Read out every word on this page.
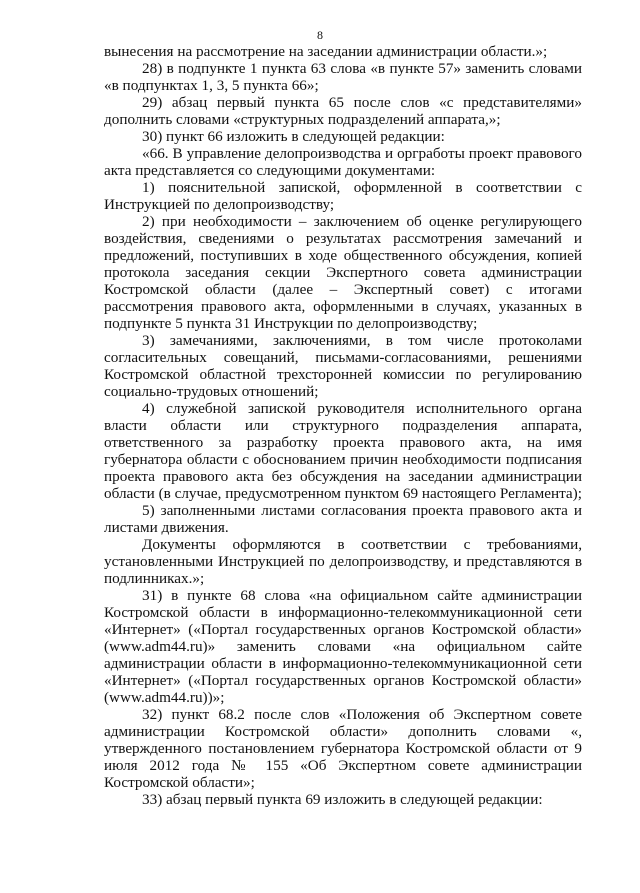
8

вынесения на рассмотрение на заседании администрации области.»;

28) в подпункте 1 пункта 63 слова «в пункте 57» заменить словами «в подпунктах 1, 3, 5 пункта 66»;

29) абзац первый пункта 65 после слов «с представителями» дополнить словами «структурных подразделений аппарата,»;

30) пункт 66 изложить в следующей редакции:

«66. В управление делопроизводства и оргработы проект правового акта представляется со следующими документами:

1) пояснительной запиской, оформленной в соответствии с Инструкцией по делопроизводству;

2) при необходимости – заключением об оценке регулирующего воздействия, сведениями о результатах рассмотрения замечаний и предложений, поступивших в ходе общественного обсуждения, копией протокола заседания секции Экспертного совета администрации Костромской области (далее – Экспертный совет) с итогами рассмотрения правового акта, оформленными в случаях, указанных в подпункте 5 пункта 31 Инструкции по делопроизводству;

3) замечаниями, заключениями, в том числе протоколами согласительных совещаний, письмами-согласованиями, решениями Костромской областной трехсторонней комиссии по регулированию социально-трудовых отношений;

4) служебной запиской руководителя исполнительного органа власти области или структурного подразделения аппарата, ответственного за разработку проекта правового акта, на имя губернатора области с обоснованием причин необходимости подписания проекта правового акта без обсуждения на заседании администрации области (в случае, предусмотренном пунктом 69 настоящего Регламента);

5) заполненными листами согласования проекта правового акта и листами движения.

Документы оформляются в соответствии с требованиями, установленными Инструкцией по делопроизводству, и представляются в подлинниках.»;

31) в пункте 68 слова «на официальном сайте администрации Костромской области в информационно-телекоммуникационной сети «Интернет» («Портал государственных органов Костромской области» (www.adm44.ru)» заменить словами «на официальном сайте администрации области в информационно-телекоммуникационной сети «Интернет» («Портал государственных органов Костромской области» (www.adm44.ru))»;

32) пункт 68.2 после слов «Положения об Экспертном совете администрации Костромской области» дополнить словами «, утвержденного постановлением губернатора Костромской области от 9 июля 2012 года № 155 «Об Экспертном совете администрации Костромской области»;

33) абзац первый пункта 69 изложить в следующей редакции:
